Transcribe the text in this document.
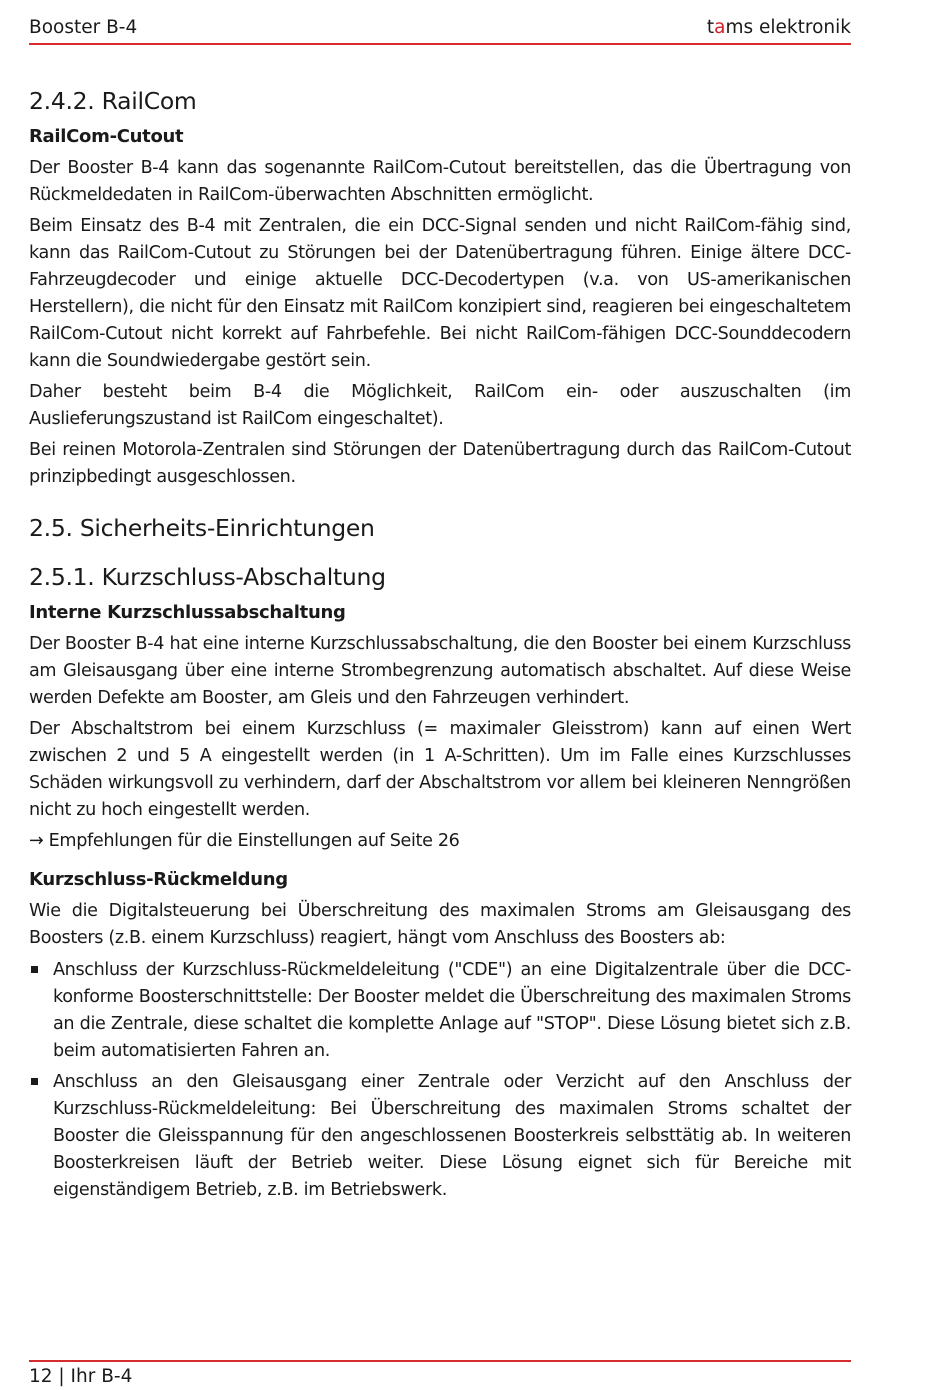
Booster B-4	tams elektronik
2.4.2. RailCom
RailCom-Cutout

Der Booster B-4 kann das sogenannte RailCom-Cutout bereitstellen, das die Übertragung von Rückmeldedaten in RailCom-überwachten Abschnitten ermöglicht.

Beim Einsatz des B-4 mit Zentralen, die ein DCC-Signal senden und nicht RailCom-fähig sind, kann das RailCom-Cutout zu Störungen bei der Datenübertragung führen. Einige ältere DCC-Fahrzeugdecoder und einige aktuelle DCC-Decodertypen (v.a. von US-amerikanischen Herstellern), die nicht für den Einsatz mit RailCom konzipiert sind, reagieren bei eingeschaltetem RailCom-Cutout nicht korrekt auf Fahrbefehle. Bei nicht RailCom-fähigen DCC-Sounddecodern kann die Soundwiedergabe gestört sein.

Daher besteht beim B-4 die Möglichkeit, RailCom ein- oder auszuschalten (im Auslieferungszustand ist RailCom eingeschaltet).

Bei reinen Motorola-Zentralen sind Störungen der Datenübertragung durch das RailCom-Cutout prinzipbedingt ausgeschlossen.

2.5. Sicherheits-Einrichtungen
2.5.1. Kurzschluss-Abschaltung
Interne Kurzschlussabschaltung

Der Booster B-4 hat eine interne Kurzschlussabschaltung, die den Booster bei einem Kurzschluss am Gleisausgang über eine interne Strombegrenzung automatisch abschaltet. Auf diese Weise werden Defekte am Booster, am Gleis und den Fahrzeugen verhindert.

Der Abschaltstrom bei einem Kurzschluss (= maximaler Gleisstrom) kann auf einen Wert zwischen 2 und 5 A eingestellt werden (in 1 A-Schritten). Um im Falle eines Kurzschlusses Schäden wirkungsvoll zu verhindern, darf der Abschaltstrom vor allem bei kleineren Nenngrößen nicht zu hoch eingestellt werden.

→ Empfehlungen für die Einstellungen auf Seite 26

Kurzschluss-Rückmeldung

Wie die Digitalsteuerung bei Überschreitung des maximalen Stroms am Gleisausgang des Boosters (z.B. einem Kurzschluss) reagiert, hängt vom Anschluss des Boosters ab:

Anschluss der Kurzschluss-Rückmeldeleitung ("CDE") an eine Digitalzentrale über die DCC-konforme Boosterschnittstelle: Der Booster meldet die Überschreitung des maximalen Stroms an die Zentrale, diese schaltet die komplette Anlage auf "STOP". Diese Lösung bietet sich z.B. beim automatisierten Fahren an.
Anschluss an den Gleisausgang einer Zentrale oder Verzicht auf den Anschluss der Kurzschluss-Rückmeldeleitung: Bei Überschreitung des maximalen Stroms schaltet der Booster die Gleisspannung für den angeschlossenen Boosterkreis selbsttätig ab. In weiteren Boosterkreisen läuft der Betrieb weiter. Diese Lösung eignet sich für Bereiche mit eigenständigem Betrieb, z.B. im Betriebswerk.
12 | Ihr B-4
